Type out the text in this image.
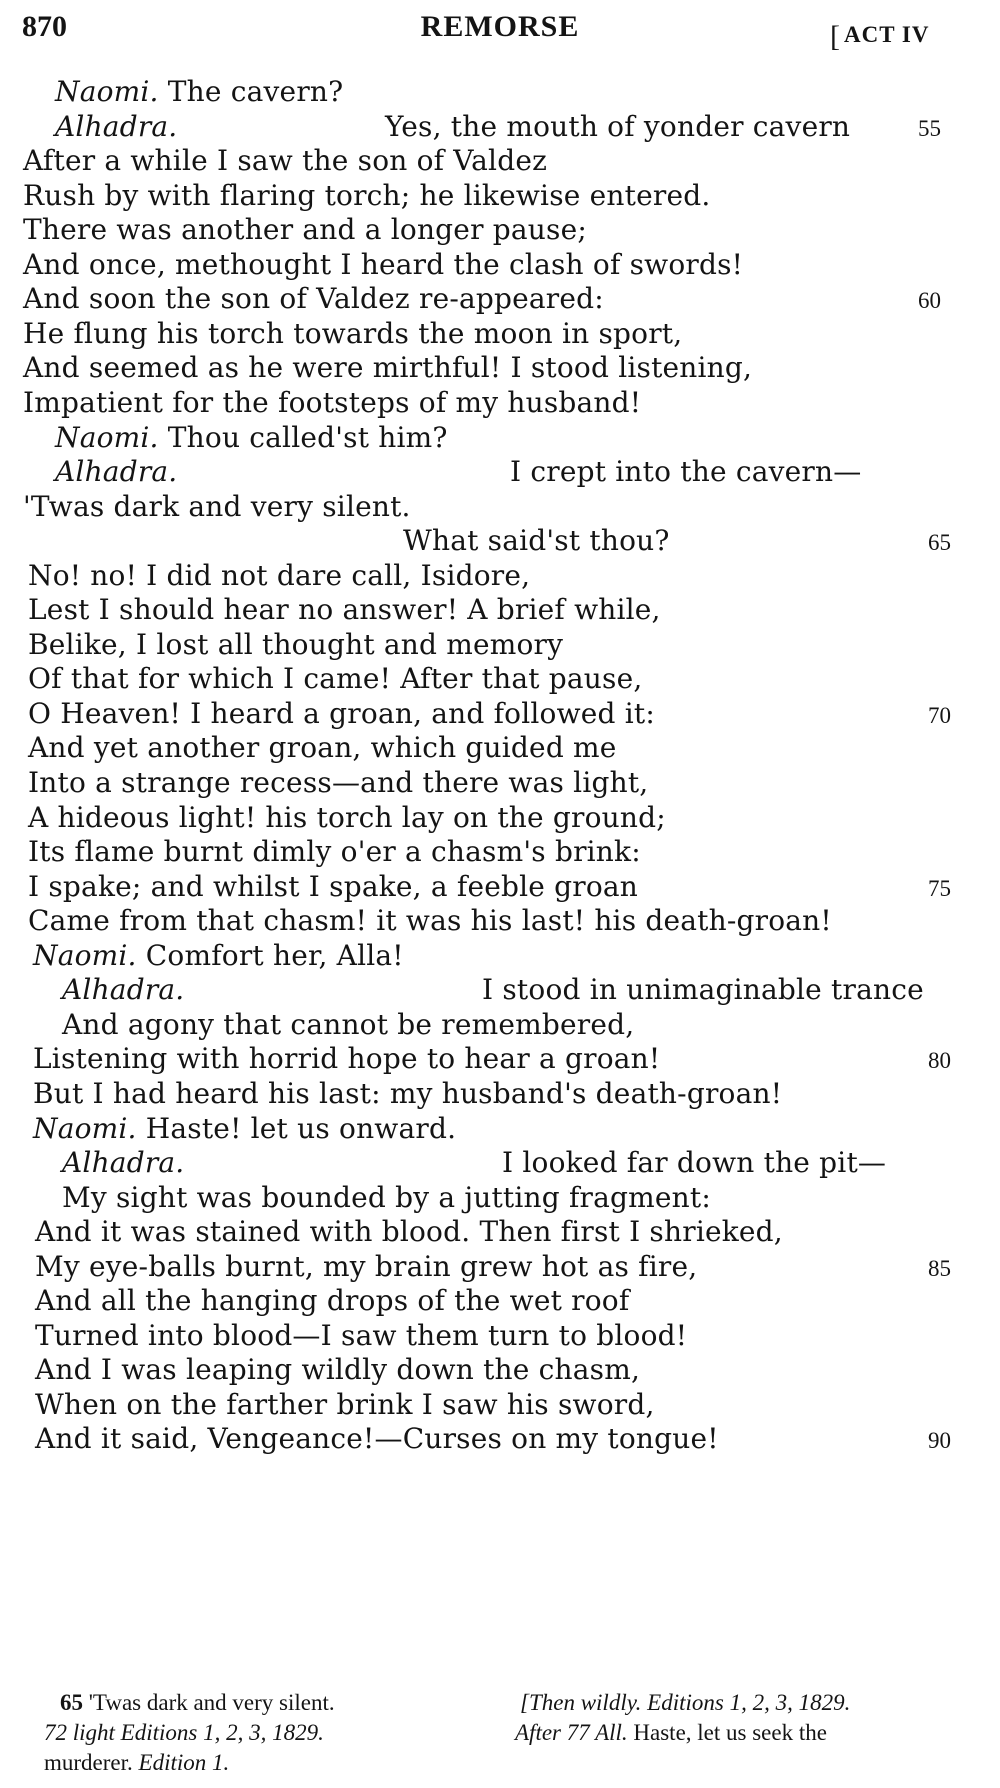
870	REMORSE	[ ACT IV
Naomi. The cavern?
Alhadra.	Yes, the mouth of yonder cavern	55
After a while I saw the son of Valdez
Rush by with flaring torch; he likewise entered.
There was another and a longer pause;
And once, methought I heard the clash of swords!
And soon the son of Valdez re-appeared:	60
He flung his torch towards the moon in sport,
And seemed as he were mirthful! I stood listening,
Impatient for the footsteps of my husband!
Naomi. Thou called'st him?
Alhadra.	I crept into the cavern—
'Twas dark and very silent.
What said'st thou?	65
No! no! I did not dare call, Isidore,
Lest I should hear no answer! A brief while,
Belike, I lost all thought and memory
Of that for which I came! After that pause,
O Heaven! I heard a groan, and followed it:	70
And yet another groan, which guided me
Into a strange recess—and there was light,
A hideous light! his torch lay on the ground;
Its flame burnt dimly o'er a chasm's brink:
I spake; and whilst I spake, a feeble groan	75
Came from that chasm! it was his last! his death-groan!
Naomi. Comfort her, Alla!
Alhadra.	I stood in unimaginable trance
And agony that cannot be remembered,
Listening with horrid hope to hear a groan!	80
But I had heard his last: my husband's death-groan!
Naomi. Haste! let us onward.
Alhadra.	I looked far down the pit—
My sight was bounded by a jutting fragment:
And it was stained with blood. Then first I shrieked,
My eye-balls burnt, my brain grew hot as fire,	85
And all the hanging drops of the wet roof
Turned into blood—I saw them turn to blood!
And I was leaping wildly down the chasm,
When on the farther brink I saw his sword,
And it said, Vengeance!—Curses on my tongue!	90
65 'Twas dark and very silent.	[Then wildly. Editions 1, 2, 3, 1829.
72 light Editions 1, 2, 3, 1829.	After 77 All. Haste, let us seek the
murderer. Edition 1.
